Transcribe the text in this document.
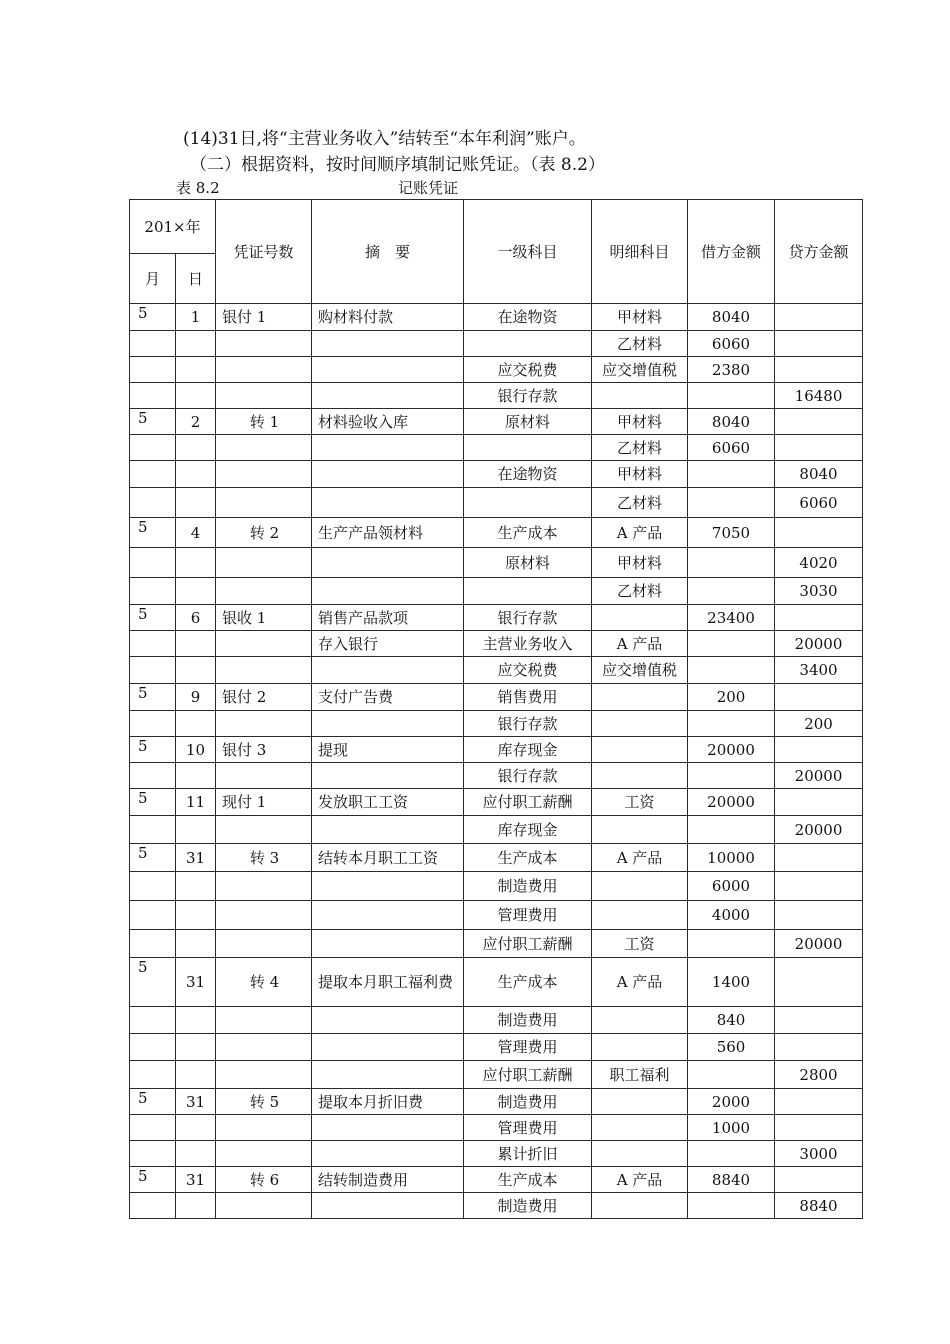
(14)31日,将“主营业务收入”结转至“本年利润”账户。
（二）根据资料，按时间顺序填制记账凭证。（表 8.2）
表 8.2	记账凭证
201×年		凭证号数	摘　要	一级科目	明细科目	借方金额	贷方金额
月	日						
5	1	银付 1	购材料付款	在途物资	甲材料	8040	
					乙材料	6060	
				应交税费	应交增值税	2380	
				银行存款			16480
5	2	转 1	材料验收入库	原材料	甲材料	8040	
					乙材料	6060	
				在途物资	甲材料		8040
					乙材料		6060
5	4	转 2	生产产品领材料	生产成本	A 产品	7050	
				原材料	甲材料		4020
					乙材料		3030
5	6	银收 1	销售产品款项	银行存款		23400	
			存入银行	主营业务收入	A 产品		20000
				应交税费	应交增值税		3400
5	9	银付 2	支付广告费	销售费用		200	
				银行存款			200
5	10	银付 3	提现	库存现金		20000	
				银行存款			20000
5	11	现付 1	发放职工工资	应付职工薪酬	工资	20000	
				库存现金			20000
5	31	转 3	结转本月职工工资	生产成本	A 产品	10000	
				制造费用		6000	
				管理费用		4000	
				应付职工薪酬	工资		20000
5	31	转 4	提取本月职工福利费	生产成本	A 产品	1400	
				制造费用		840	
				管理费用		560	
				应付职工薪酬	职工福利		2800
5	31	转 5	提取本月折旧费	制造费用		2000	
				管理费用		1000	
				累计折旧			3000
5	31	转 6	结转制造费用	生产成本	A 产品	8840	
				制造费用			8840
